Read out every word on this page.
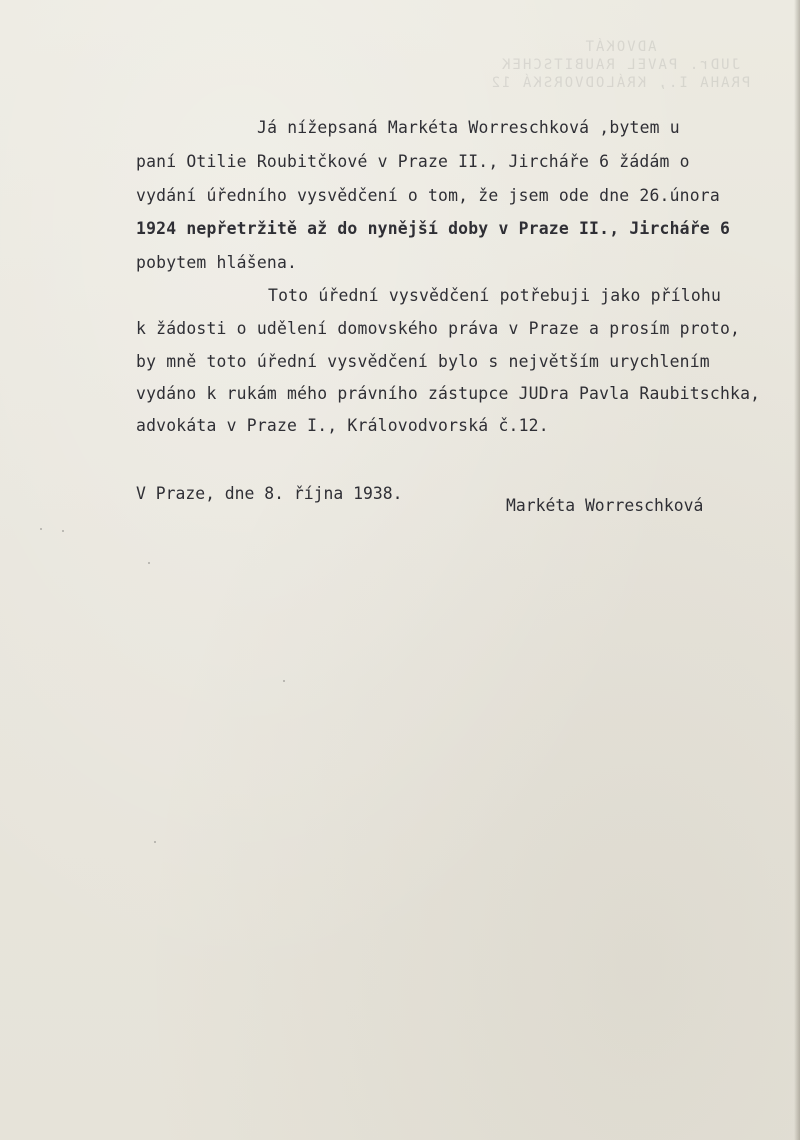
ADVOKÁT
JUDr. PAVEL RAUBITSCHEK
PRAHA I., KRÁLODVORSKÁ 12
Já nížepsaná Markéta Worreschková ,bytem u
paní Otilie Roubitčkové v Praze II., Jircháře 6 žádám o
vydání úředního vysvědčení o tom, že jsem ode dne 26.února
1924 nepřetržitě až do nynější doby v Praze II., Jircháře 6
pobytem hlášena.
Toto úřední vysvědčení potřebuji jako přílohu
k žádosti o udělení domovského práva v Praze a prosím proto,
by mně toto úřední vysvědčení bylo s největším urychlením
vydáno k rukám mého právního zástupce JUDra Pavla Raubitschka,
advokáta v Praze I., Královodvorská č.12.
V Praze, dne 8. října 1938.
Markéta Worreschková
